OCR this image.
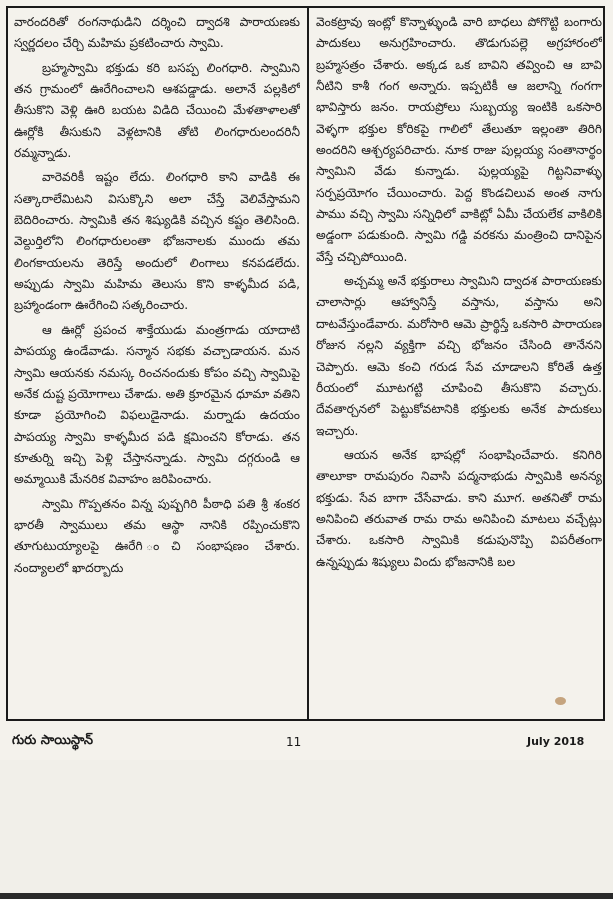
వారందరితో రంగనాథుడిని దర్శించి ద్వాదశి పారాయణకు స్వర్ణదలం చేర్చి మహిమ ప్రకటించారు స్వామి.

బ్రహ్మస్వామి భక్తుడు కరి బసప్ప లింగధారి. స్వామిని తన గ్రామంలో ఊరేగించాలని ఆశపడ్డాడు. అలానే పల్లకిలో తీసుకొని వెళ్లి ఊరి బయట విడిది చేయించి మేళతాళాలతో ఊర్లోకి తీసుకుని వెళ్లటానికి తోటి లింగధారులందరినీ రమ్మన్నాడు.

వారెవరికీ ఇష్టం లేదు. లింగధారి కాని వాడికి ఈ సత్కారాలేమిటని విసుక్కొని అలా చేస్తే వెలివేస్తామని బెదిరించారు. స్వామికి తన శిష్యుడికి వచ్చిన కష్టం తెలిసింది. వెల్దుర్తిలోని లింగధారులంతా భోజనాలకు ముందు తమ లింగకాయలను తెరిస్తే అందులో లింగాలు కనపడలేదు. అప్పుడు స్వామి మహిమ తెలుసు కొని కాళ్ళమీద పడి, బ్రహ్మాండంగా ఊరేగించి సత్కరించారు.

ఆ ఊర్లో ప్రపంచ శాక్తేయుడు మంత్రగాడు యాదాటి పాపయ్య ఉండేవాడు. సన్మాన సభకు వచ్చాడాయన. మన స్వామి ఆయనకు నమస్క రించనందుకు కోపం వచ్చి స్వామిపై అనేక దుష్ట ప్రయోగాలు చేశాడు. అతి క్రూరమైన ధూమా వతిని కూడా ప్రయోగించి విఫలుడైనాడు. మర్నాడు ఉదయం పాపయ్య స్వామి కాళ్ళమీద పడి క్షమించని కోరాడు. తన కూతుర్ని ఇచ్చి పెళ్లి చేస్తానన్నాడు. స్వామి దగ్గరుండి ఆ అమ్మాయికి మేనరిక వివాహం జరిపించారు.

స్వామి గొప్పతనం విన్న పుష్పగిరి పీఠాధి పతి శ్రీ శంకర భారతీ స్వాములు తమ ఆస్థా నానికి రప్పించుకొని తూగుటుయ్యాలపై ఊరేగి ంచి సంభాషణం చేశారు. నంద్యాలలో ఖాదర్బాదు

వెంకట్రావు ఇంట్లో కొన్నాళ్ళుండి వారి బాధలు పోగొట్టి బంగారు పాదుకలు అనుగ్రహించారు. తొడుగుపల్లె అగ్రహారంలో బ్రహ్మసత్రం చేశారు. అక్కడ ఒక బావిని తవ్వించి ఆ బావి నీటిని కాశీ గంగ అన్నారు. ఇప్పటికీ ఆ జలాన్ని గంగగా భావిస్తారు జనం. రాయప్రోలు సుబ్బయ్య ఇంటికి ఒకసారి వెళ్ళగా భక్తుల కోరికపై గాలిలో తేలుతూ ఇల్లంతా తిరిగి అందరిని ఆశ్చర్యపరిచారు. నూక రాజు పుల్లయ్య సంతానార్థం స్వామిని వేడు కున్నాడు. పుల్లయ్యపై గిట్టనివాళ్ళు సర్పప్రయోగం చేయించారు. పెద్ద కొండచిలువ అంత నాగు పాము వచ్చి స్వామి సన్నిధిలో వాకిట్లో ఏమీ చేయలేక వాకిలికి అడ్డంగా పడుకుంది. స్వామి గడ్డి వరకను మంత్రించి దానిపైన వేస్తే చచ్చిపోయింది.

అచ్చమ్మ అనే భక్తురాలు స్వామిని ద్వాదశ పారాయణకు చాలాసార్లు ఆహ్వానిస్తే వస్తాను, వస్తాను అని దాటవేస్తుండేవారు. మరోసారి ఆమె ప్రార్థిస్తే ఒకసారి పారాయణ రోజున నల్లని వ్యక్తిగా వచ్చి భోజనం చేసింది తానేనని చెప్పారు. ఆమె కంచి గరుడ సేవ చూడాలని కోరితే ఉత్త రీయంలో మూటగట్టి చూపించి తీసుకొని వచ్చారు. దేవతార్చనలో పెట్టుకోవటానికి భక్తులకు అనేక పాదుకలు ఇచ్చారు.

ఆయన అనేక భాషల్లో సంభాషించేవారు. కనిగిరి తాలూకా రామపురం నివాసి పద్మనాభుడు స్వామికి అనన్య భక్తుడు. సేవ బాగా చేసేవాడు. కాని మూగ. అతనితో రామ అనిపించి తరువాత రామ రామ అనిపించి మాటలు వచ్చేట్లు చేశారు. ఒకసారి స్వామికి కడుపునొప్పి విపరీతంగా ఉన్నప్పుడు శిష్యులు విందు భోజనానికి బల

గురు సాయిస్థాన్	11	July 2018
